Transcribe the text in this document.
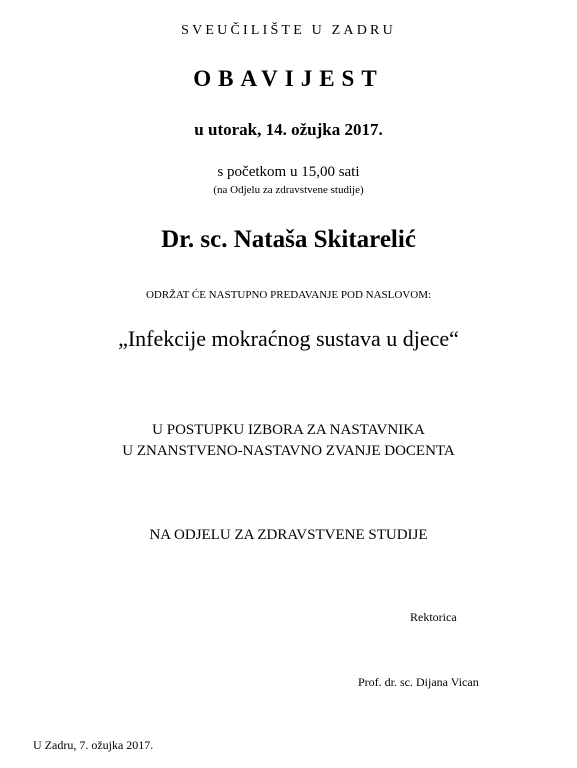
SVEUČILIŠTE U ZADRU
OBAVIJEST
u utorak, 14. ožujka 2017.
s početkom u 15,00 sati
(na Odjelu za zdravstvene studije)
Dr. sc. Nataša Skitarelić
ODRŽAT ĆE NASTUPNO PREDAVANJE POD NASLOVOM:
„Infekcije mokraćnog sustava u djece“
U POSTUPKU IZBORA ZA NASTAVNIKA
U ZNANSTVENO-NASTAVNO ZVANJE DOCENTA
NA ODJELU ZA ZDRAVSTVENE STUDIJE
Rektorica
Prof. dr. sc. Dijana Vican
U Zadru, 7. ožujka 2017.
